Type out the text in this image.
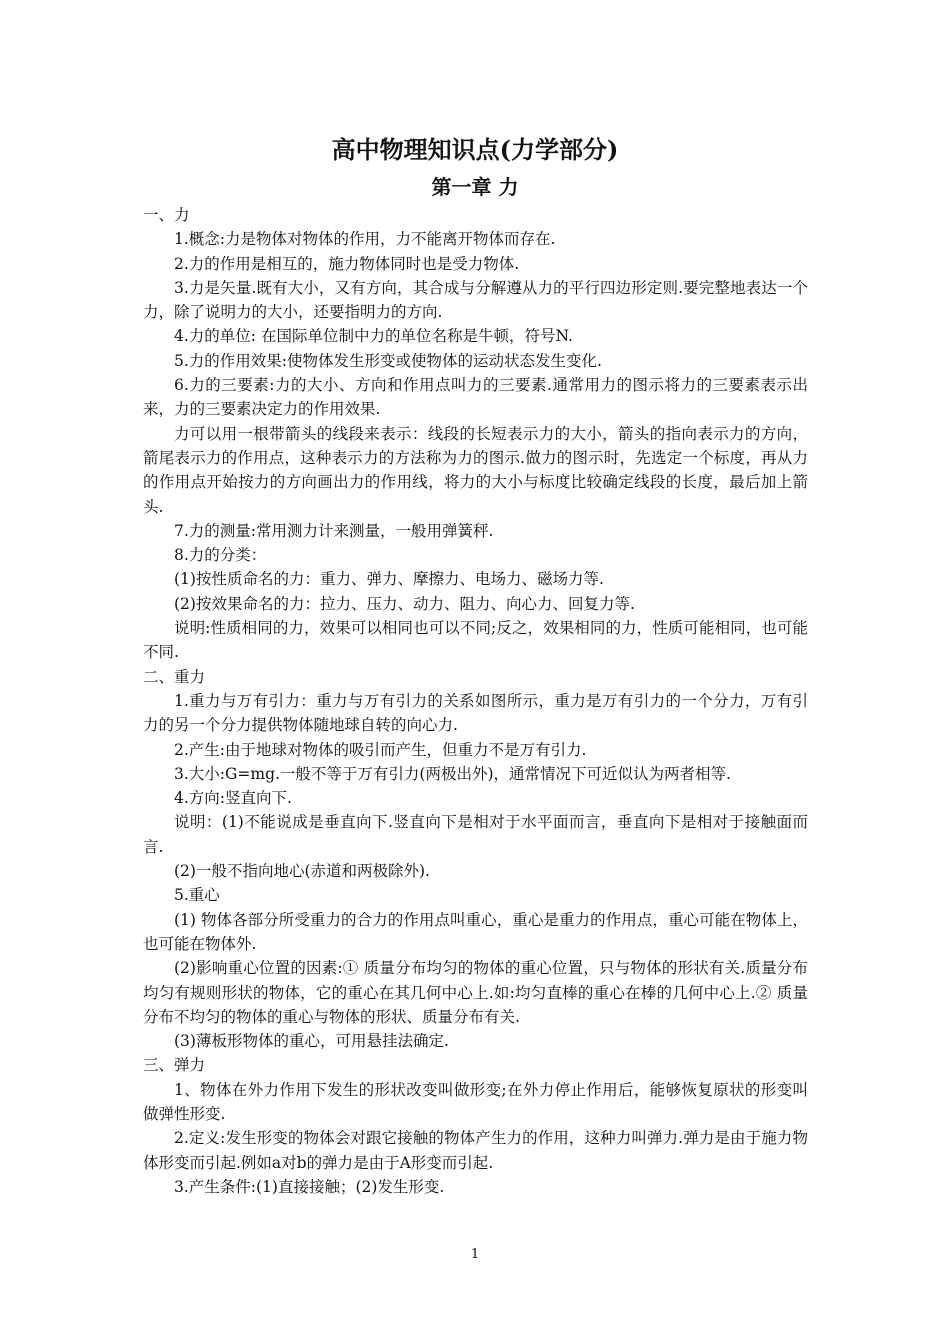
高中物理知识点(力学部分)
第一章 力

一、力

1.概念:力是物体对物体的作用，力不能离开物体而存在.

2.力的作用是相互的，施力物体同时也是受力物体.

3.力是矢量.既有大小，又有方向，其合成与分解遵从力的平行四边形定则.要完整地表达一个力，除了说明力的大小，还要指明力的方向.

4.力的单位: 在国际单位制中力的单位名称是牛顿，符号N.

5.力的作用效果:使物体发生形变或使物体的运动状态发生变化.

6.力的三要素:力的大小、方向和作用点叫力的三要素.通常用力的图示将力的三要素表示出来，力的三要素决定力的作用效果.

力可以用一根带箭头的线段来表示：线段的长短表示力的大小，箭头的指向表示力的方向，箭尾表示力的作用点，这种表示力的方法称为力的图示.做力的图示时，先选定一个标度，再从力的作用点开始按力的方向画出力的作用线，将力的大小与标度比较确定线段的长度，最后加上箭头.

7.力的测量:常用测力计来测量，一般用弹簧秤.

8.力的分类：

(1)按性质命名的力：重力、弹力、摩擦力、电场力、磁场力等.

(2)按效果命名的力：拉力、压力、动力、阻力、向心力、回复力等.

说明:性质相同的力，效果可以相同也可以不同;反之，效果相同的力，性质可能相同，也可能不同.

二、重力

1.重力与万有引力：重力与万有引力的关系如图所示，重力是万有引力的一个分力，万有引力的另一个分力提供物体随地球自转的向心力.

2.产生:由于地球对物体的吸引而产生，但重力不是万有引力.

3.大小:G=mg.一般不等于万有引力(两极出外)，通常情况下可近似认为两者相等.

4.方向:竖直向下.

说明：(1)不能说成是垂直向下.竖直向下是相对于水平面而言，垂直向下是相对于接触面而言.

(2)一般不指向地心(赤道和两极除外).

5.重心

(1) 物体各部分所受重力的合力的作用点叫重心，重心是重力的作用点，重心可能在物体上，也可能在物体外.

(2)影响重心位置的因素:① 质量分布均匀的物体的重心位置，只与物体的形状有关.质量分布均匀有规则形状的物体，它的重心在其几何中心上.如:均匀直棒的重心在棒的几何中心上.② 质量分布不均匀的物体的重心与物体的形状、质量分布有关.

(3)薄板形物体的重心，可用悬挂法确定.

三、弹力

1、物体在外力作用下发生的形状改变叫做形变;在外力停止作用后，能够恢复原状的形变叫做弹性形变.

2.定义:发生形变的物体会对跟它接触的物体产生力的作用，这种力叫弹力.弹力是由于施力物体形变而引起.例如a对b的弹力是由于A形变而引起.

3.产生条件:(1)直接接触；(2)发生形变.

1
